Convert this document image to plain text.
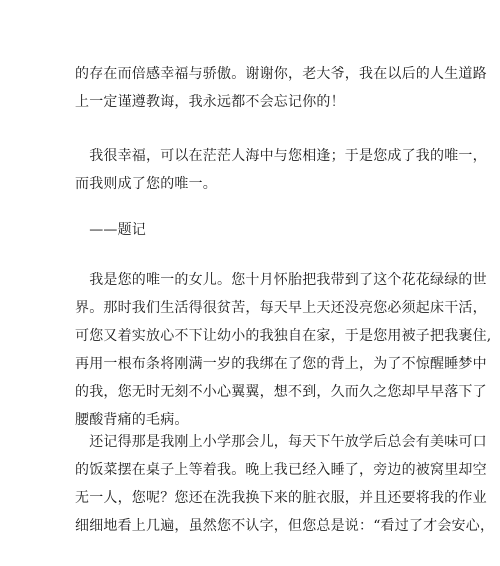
的存在而倍感幸福与骄傲。谢谢你，老大爷，我在以后的人生道路
上一定谨遵教诲，我永远都不会忘记你的！
　我很幸福，可以在茫茫人海中与您相逢；于是您成了我的唯一，
而我则成了您的唯一。
　——题记
　我是您的唯一的女儿。您十月怀胎把我带到了这个花花绿绿的世
界。那时我们生活得很贫苦，每天早上天还没亮您必须起床干活，
可您又着实放心不下让幼小的我独自在家，于是您用被子把我裹住,
再用一根布条将刚满一岁的我绑在了您的背上，为了不惊醒睡梦中
的我，您无时无刻不小心翼翼，想不到，久而久之您却早早落下了
腰酸背痛的毛病。
　还记得那是我刚上小学那会儿，每天下午放学后总会有美味可口
的饭菜摆在桌子上等着我。晚上我已经入睡了，旁边的被窝里却空
无一人，您呢？您还在洗我换下来的脏衣服，并且还要将我的作业
细细地看上几遍，虽然您不认字，但您总是说：“看过了才会安心，
